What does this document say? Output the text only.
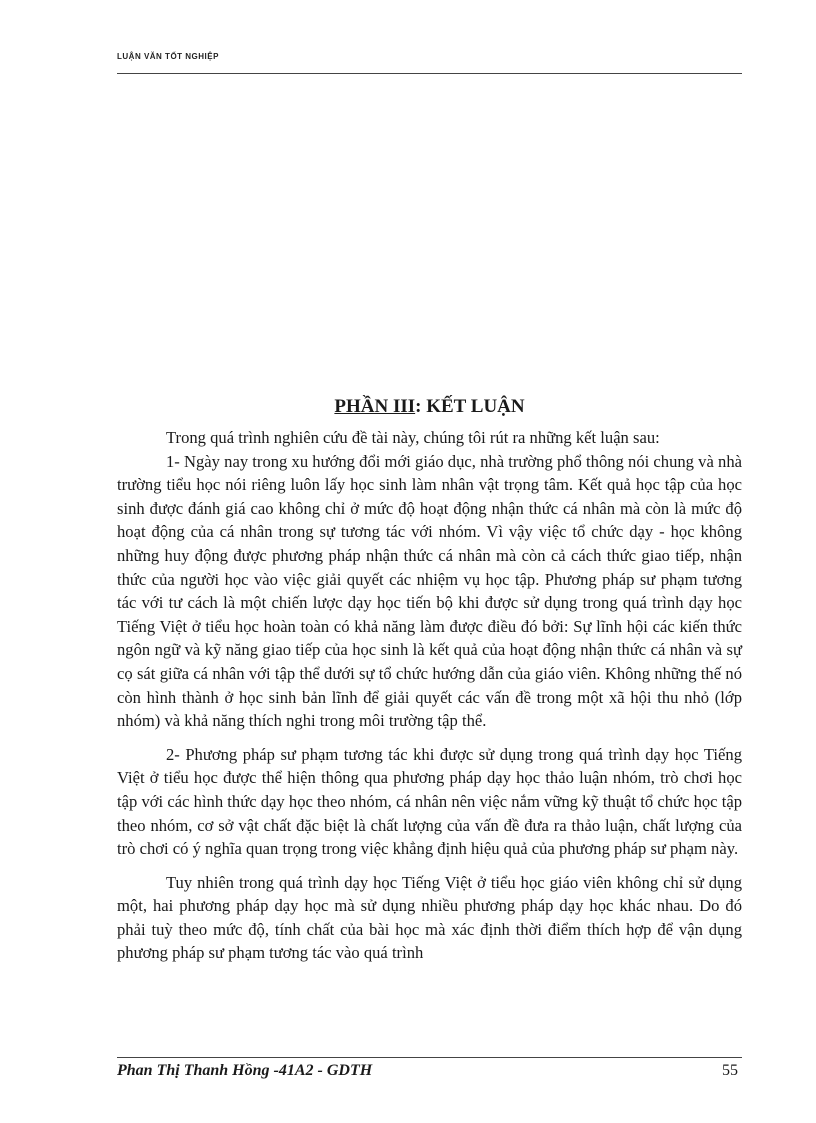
LUẬN VĂN TỐT NGHIỆP
PHẦN III: KẾT LUẬN

Trong quá trình nghiên cứu đề tài này, chúng tôi rút ra những kết luận sau:

1- Ngày nay trong xu hướng đổi mới giáo dục, nhà trường phổ thông nói chung và nhà trường tiểu học nói riêng luôn lấy học sinh làm nhân vật trọng tâm. Kết quả học tập của học sinh được đánh giá cao không chỉ ở mức độ hoạt động nhận thức cá nhân mà còn là mức độ hoạt động của cá nhân trong sự tương tác với nhóm. Vì vậy việc tổ chức dạy - học không những huy động được phương pháp nhận thức cá nhân mà còn cả cách thức giao tiếp, nhận thức của người học vào việc giải quyết các nhiệm vụ học tập. Phương pháp sư phạm tương tác với tư cách là một chiến lược dạy học tiến bộ khi được sử dụng trong quá trình dạy học Tiếng Việt ở tiểu học hoàn toàn có khả năng làm được điều đó bởi: Sự lĩnh hội các kiến thức ngôn ngữ và kỹ năng giao tiếp của học sinh là kết quả của hoạt động nhận thức cá nhân và sự cọ sát giữa cá nhân với tập thể dưới sự tổ chức hướng dẫn của giáo viên. Không những thế nó còn hình thành ở học sinh bản lĩnh để giải quyết các vấn đề trong một xã hội thu nhỏ (lớp nhóm) và khả năng thích nghi trong môi trường tập thể.

2- Phương pháp sư phạm tương tác khi được sử dụng trong quá trình dạy học Tiếng Việt ở tiểu học được thể hiện thông qua phương pháp dạy học thảo luận nhóm, trò chơi học tập với các hình thức dạy học theo nhóm, cá nhân nên việc nắm vững kỹ thuật tổ chức học tập theo nhóm, cơ sở vật chất đặc biệt là chất lượng của vấn đề đưa ra thảo luận, chất lượng của trò chơi có ý nghĩa quan trọng trong việc khẳng định hiệu quả của phương pháp sư phạm này.

Tuy nhiên trong quá trình dạy học Tiếng Việt ở tiểu học giáo viên không chỉ sử dụng một, hai phương pháp dạy học mà sử dụng nhiều phương pháp dạy học khác nhau. Do đó phải tuỳ theo mức độ, tính chất của bài học mà xác định thời điểm thích hợp để vận dụng phương pháp sư phạm tương tác vào quá trình

Phan Thị Thanh Hồng -41A2 - GDTH	55
